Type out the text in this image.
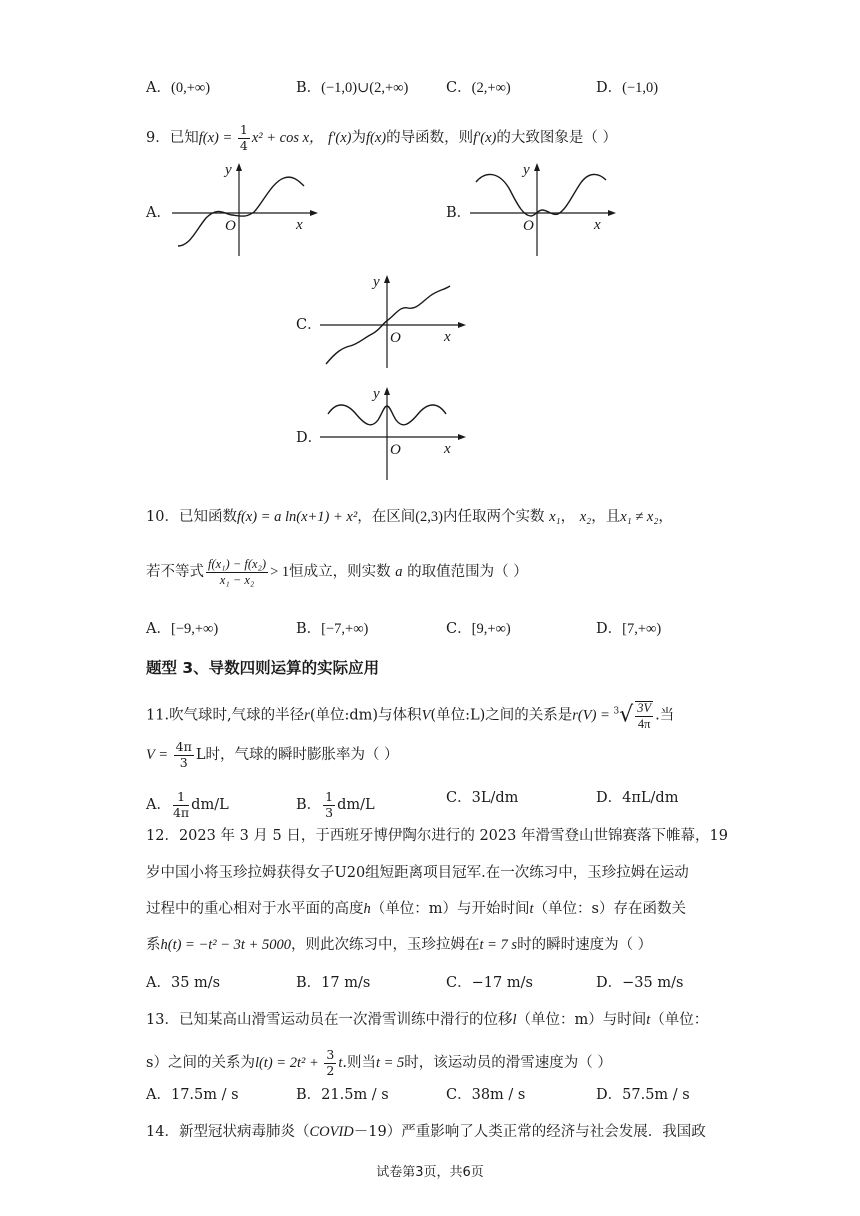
A．(0,+∞)	B．(−1,0)∪(2,+∞)	C．(2,+∞)	D．(−1,0)
9．已知$f(x) = \frac{1}{4} x^2 + \cos x$， f′(x)为f(x)的导函数，则f′(x)的大致图象是（ ）
A．	B．
C．
D．
y
x
O
y
x
O
y
x
O
y
x
O
10．已知函数f(x) = a ln(x+1) + x²，在区间(2,3)内任取两个实数 x₁， x₂，且x₁ ≠ x₂，
若不等式 $\frac{\text{f(x₁) − f(x₂)}}{\text{x₁ − x₂}} > 1$恒成立，则实数 a 的取值范围为（ ）
A．[−9,+∞)	B．[−7,+∞)	C．[9,+∞)	D．[7,+∞)
题型 3、导数四则运算的实际应用
11.吹气球时,气球的半径r(单位:dm)与体积V(单位:L)之间的关系是$r(V) = ^3√ \frac{3V}{4\pi}$ .当
$V = \frac{4\pi}{3}$ L时，气球的瞬时膨胀率为（ ）
A． $\frac{1}{4\pi} dm/L$	B． $\frac{1}{3} dm/L$	C．3L/dm	D．4πL/dm
12．2023 年 3 月 5 日，于西班牙博伊陶尔进行的 2023 年滑雪登山世锦赛落下帷幕，19
岁中国小将玉珍拉姆获得女子U20组短距离项目冠军.在一次练习中，玉珍拉姆在运动
过程中的重心相对于水平面的高度h（单位：m）与开始时间t（单位：s）存在函数关
系h(t) = −t² − 3t + 5000，则此次练习中，玉珍拉姆在t = 7 s时的瞬时速度为（ ）
A．35 m/s	B．17 m/s	C．−17 m/s	D．−35 m/s
13．已知某高山滑雪运动员在一次滑雪训练中滑行的位移l（单位：m）与时间t（单位：
s）之间的关系为$l(t) = 2t^2 + \frac{3}{2} t$.则当t = 5时，该运动员的滑雪速度为（ ）
A．17.5m / s	B．21.5m / s	C．38m / s	D．57.5m / s
14．新型冠状病毒肺炎（COVID－19）严重影响了人类正常的经济与社会发展．我国政
试卷第3页，共6页
